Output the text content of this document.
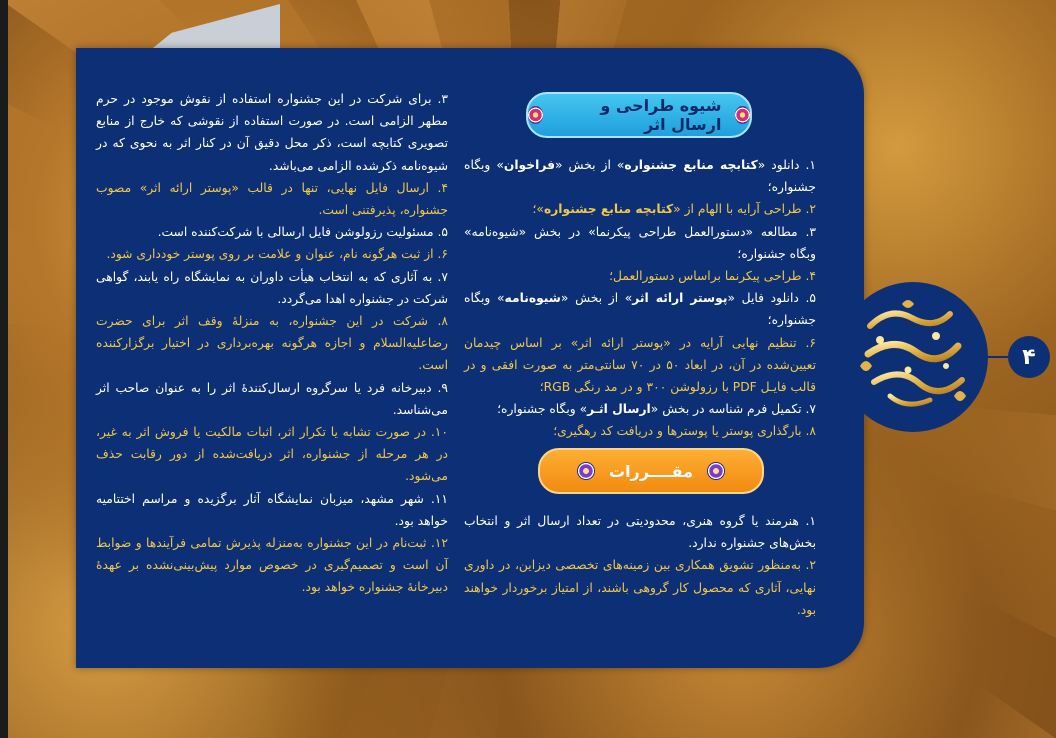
۴
شیوه طراحی و ارسال اثر

۱. دانلود «کتابچه منابع جشنواره» از بخش «فراخوان» وبگاه جشنواره؛

۲. طراحی آرایه با الهام از «کتابچه منابع جشنواره»؛

۳. مطالعه «دستورالعمل طراحی پیکرنما» در بخش «شیوه‌نامه» وبگاه جشنواره؛

۴. طراحی پیکرنما براساس دستورالعمل؛

۵. دانلود فایل «پوستر ارائه اثر» از بخش «شیوه‌نامه» وبگاه جشنواره؛

۶. تنظیم نهایی آرایه در «پوستر ارائه اثر» بر اساس چیدمان تعیین‌شده در آن، در ابعاد ۵۰ در ۷۰ سانتی‌متر به صورت افقی و در قالب فایـل PDF با رزولوشن ۳۰۰ و در مد رنگی RGB؛

۷. تکمیل فرم شناسه در بخش «ارسال اثـر» وبگاه جشنواره؛

۸. بارگذاری پوستر یا پوسترها و دریافت کد رهگیری؛

مقــــررات

۱. هنرمند یا گروه هنری، محدودیتی در تعداد ارسال اثر و انتخاب بخش‌های جشنواره ندارد.

۲. به‌منظور تشویق همکاری بین زمینه‌های تخصصی دیزاین، در داوری نهایی، آثاری که محصول کار گروهی باشند، از امتیاز برخوردار خواهند بود.

۳. برای شرکت در این جشنواره استفاده از نقوش موجود در حرم مطهر الزامی است. در صورت استفاده از نقوشی که خارج از منابع تصویری کتابچه است، ذکر محل دقیق آن در کنار اثر به نحوی که در شیوه‌نامه ذکرشده الزامی می‌باشد.

۴. ارسال فایل نهایی، تنها در قالب «پوستر ارائه اثر» مصوب جشنواره، پذیرفتنی است.

۵. مسئولیت رزولوشن فایل ارسالی با شرکت‌کننده است.

۶. از ثبت هرگونه نام، عنوان و علامت بر روی پوستر خودداری شود.

۷. به آثاری که به انتخاب هیأت داوران به نمایشگاه راه یابند، گواهی شرکت در جشنواره اهدا می‌گردد.

۸. شرکت در این جشنواره، به منزلهٔ وقف اثر برای حضرت رضاعلیه‌السلام و اجازه هرگونه بهره‌برداری در اختیار برگزارکننده است.

۹. دبیرخانه فرد یا سرگروه ارسال‌کنندهٔ اثر را به عنوان صاحب اثر می‌شناسد.

۱۰. در صورت تشابه یا تکرار اثر، اثبات مالکیت یا فروش اثر به غیر، در هر مرحله از جشنواره، اثر دریافت‌شده از دور رقابت حذف می‌شود.

۱۱. شهر مشهد، میزبان نمایشگاه آثار برگزیده و مراسم اختتامیه خواهد بود.

۱۲. ثبت‌نام در این جشنواره به‌منزله پذیرش تمامی فرآیندها و ضوابط آن است و تصمیم‌گیری در خصوص موارد پیش‌بینی‌نشده بر عهدهٔ دبیرخانهٔ جشنواره خواهد بود.
